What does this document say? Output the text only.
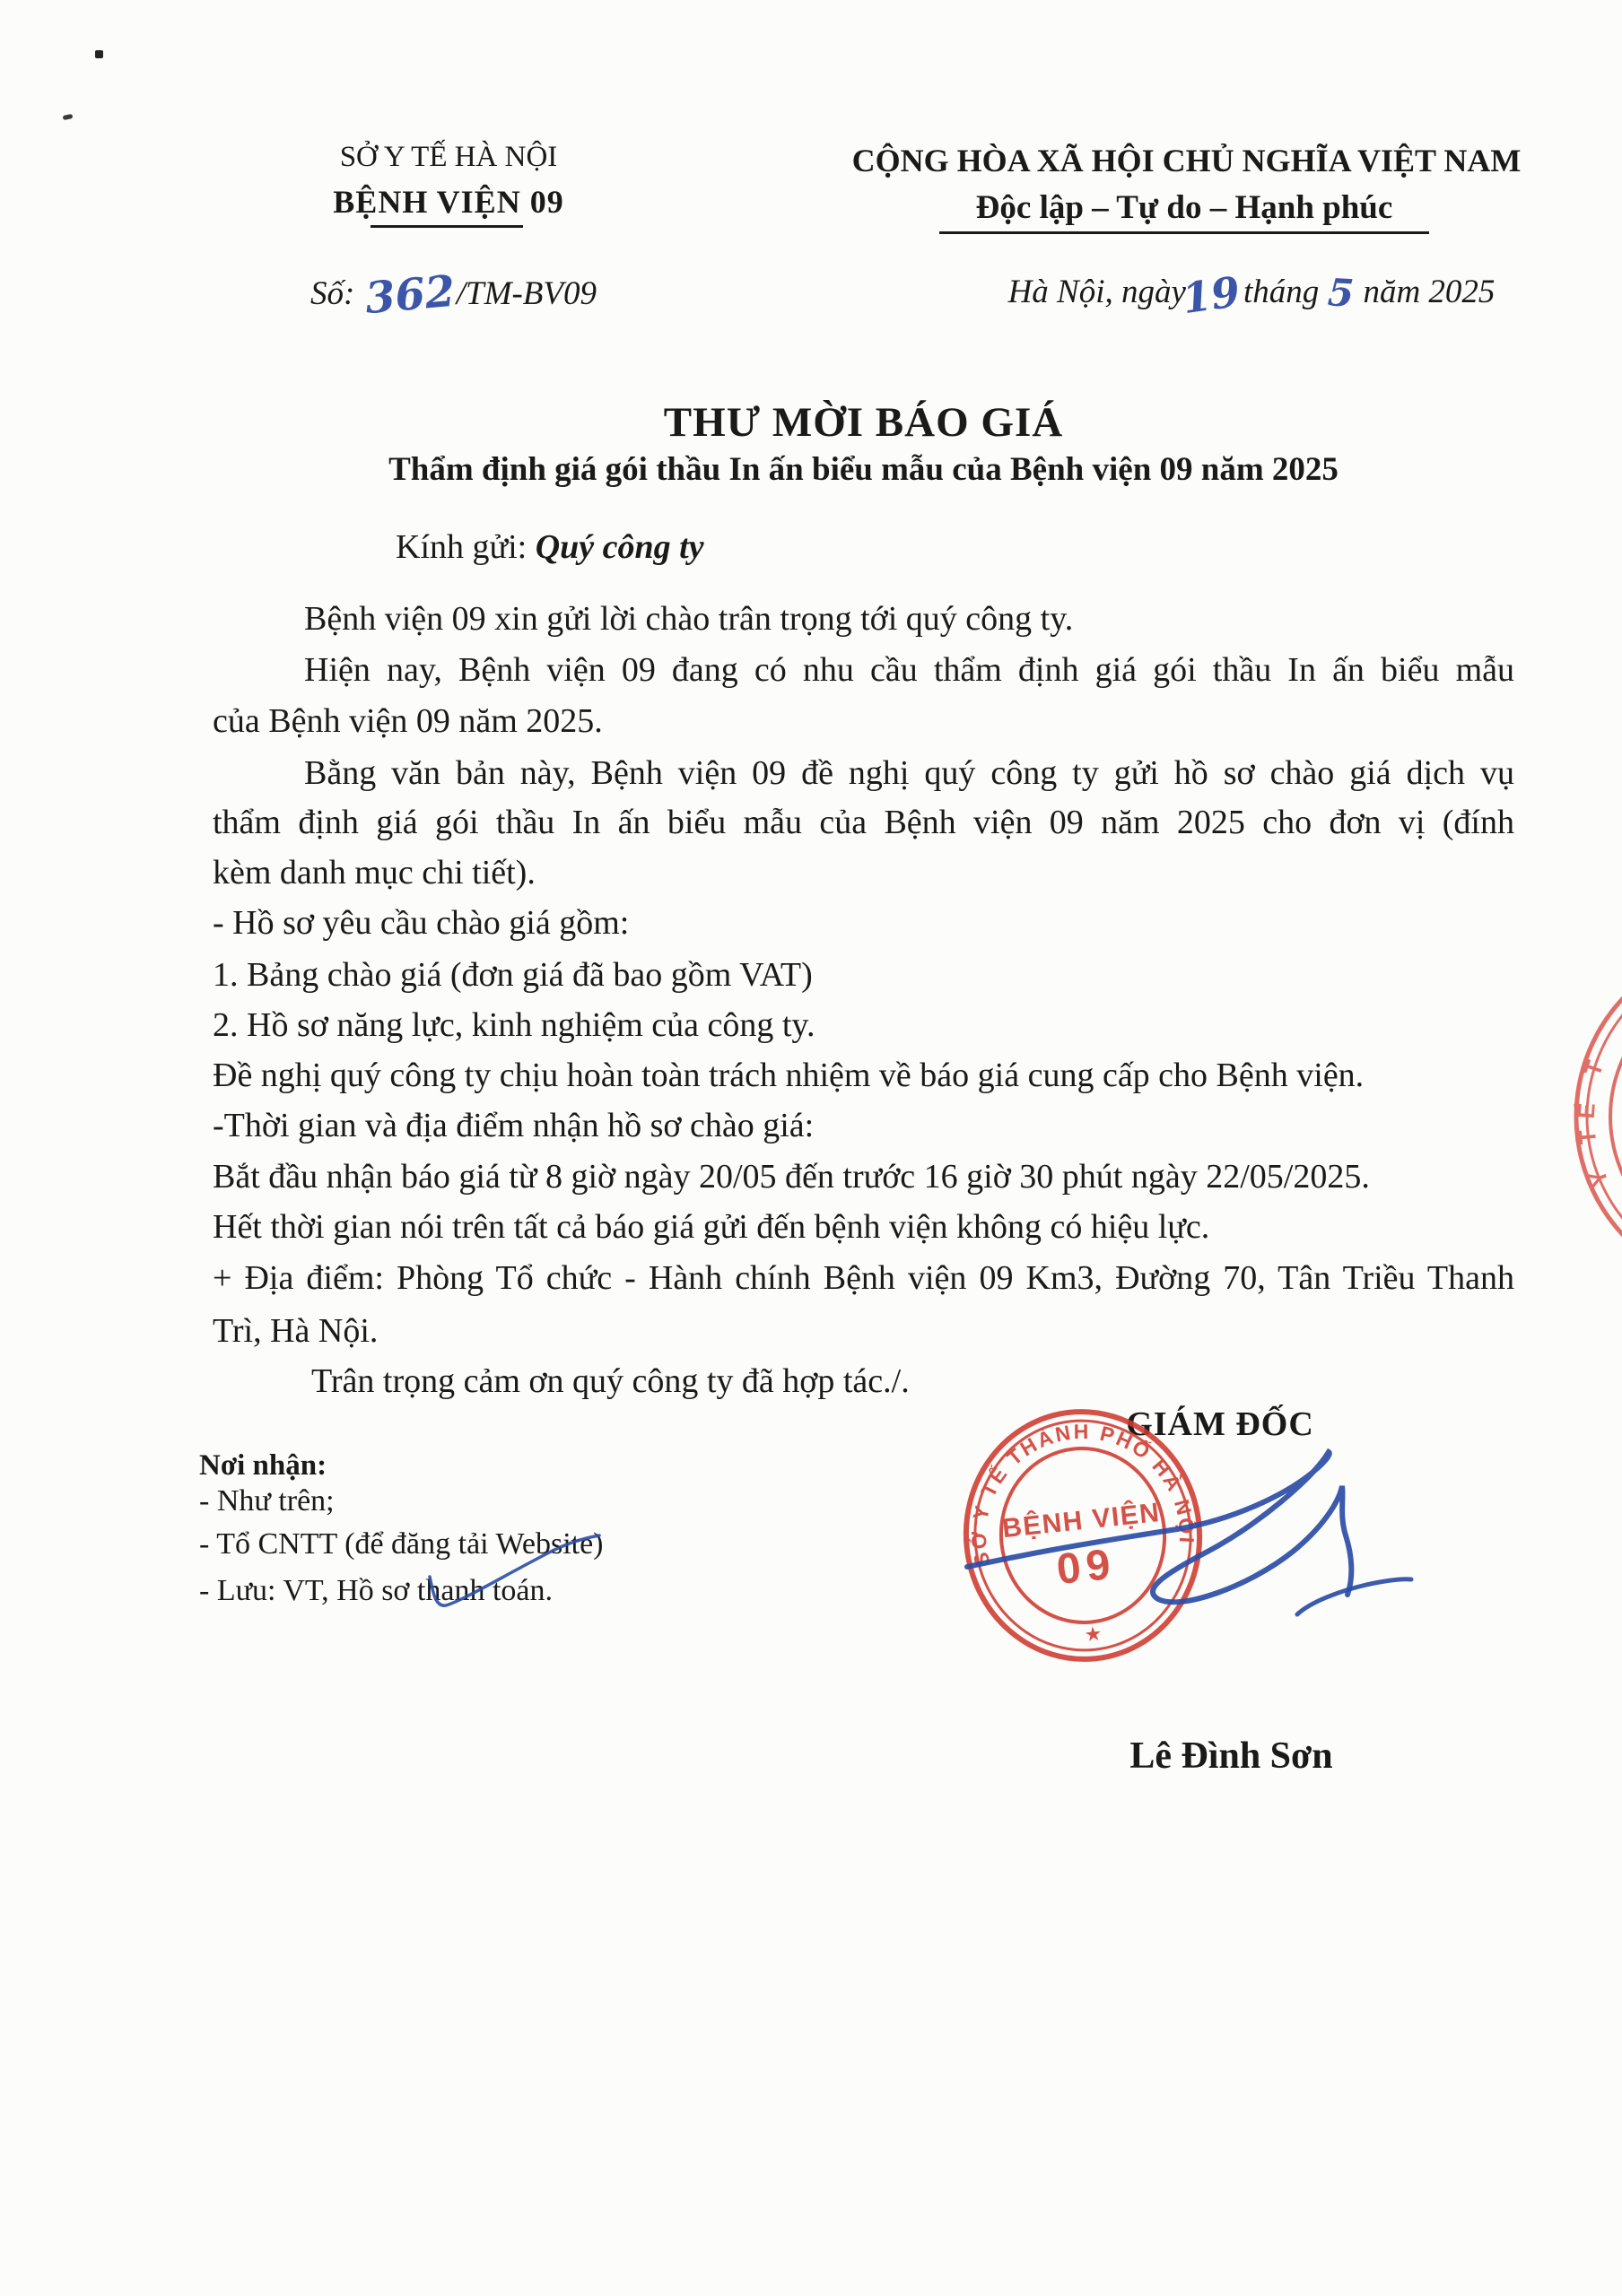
SỞ Y TẾ HÀ NỘI
BỆNH VIỆN 09
Số: 362/TM-BV09
CỘNG HÒA XÃ HỘI CHỦ NGHĨA VIỆT NAM
Độc lập – Tự do – Hạnh phúc
Hà Nội, ngày19tháng 5 năm 2025
THƯ MỜI BÁO GIÁ
Thẩm định giá gói thầu In ấn biểu mẫu của Bệnh viện 09 năm 2025
Kính gửi: Quý công ty
Bệnh viện 09 xin gửi lời chào trân trọng tới quý công ty.
Hiện nay, Bệnh viện 09 đang có nhu cầu thẩm định giá gói thầu In ấn biểu mẫu
của Bệnh viện 09 năm 2025.
Bằng văn bản này, Bệnh viện 09 đề nghị quý công ty gửi hồ sơ chào giá dịch vụ
thẩm định giá gói thầu In ấn biểu mẫu của Bệnh viện 09 năm 2025 cho đơn vị (đính
kèm danh mục chi tiết).
- Hồ sơ yêu cầu chào giá gồm:
1. Bảng chào giá (đơn giá đã bao gồm VAT)
2. Hồ sơ năng lực, kinh nghiệm của công ty.
Đề nghị quý công ty chịu hoàn toàn trách nhiệm về báo giá cung cấp cho Bệnh viện.
-Thời gian và địa điểm nhận hồ sơ chào giá:
Bắt đầu nhận báo giá từ 8 giờ ngày 20/05 đến trước 16 giờ 30 phút ngày 22/05/2025.
Hết thời gian nói trên tất cả báo giá gửi đến bệnh viện không có hiệu lực.
+ Địa điểm: Phòng Tổ chức - Hành chính Bệnh viện 09 Km3, Đường 70, Tân Triều Thanh
Trì, Hà Nội.
Trân trọng cảm ơn quý công ty đã hợp tác./.
Nơi nhận:
- Như trên;
- Tổ CNTT (để đăng tải Website)
- Lưu: VT, Hồ sơ thanh toán.
GIÁM ĐỐC
Lê Đình Sơn
SỞ Y TẾ THÀNH PHỐ HÀ NỘI
★
BỆNH VIỆN
09
Y TẾ T
